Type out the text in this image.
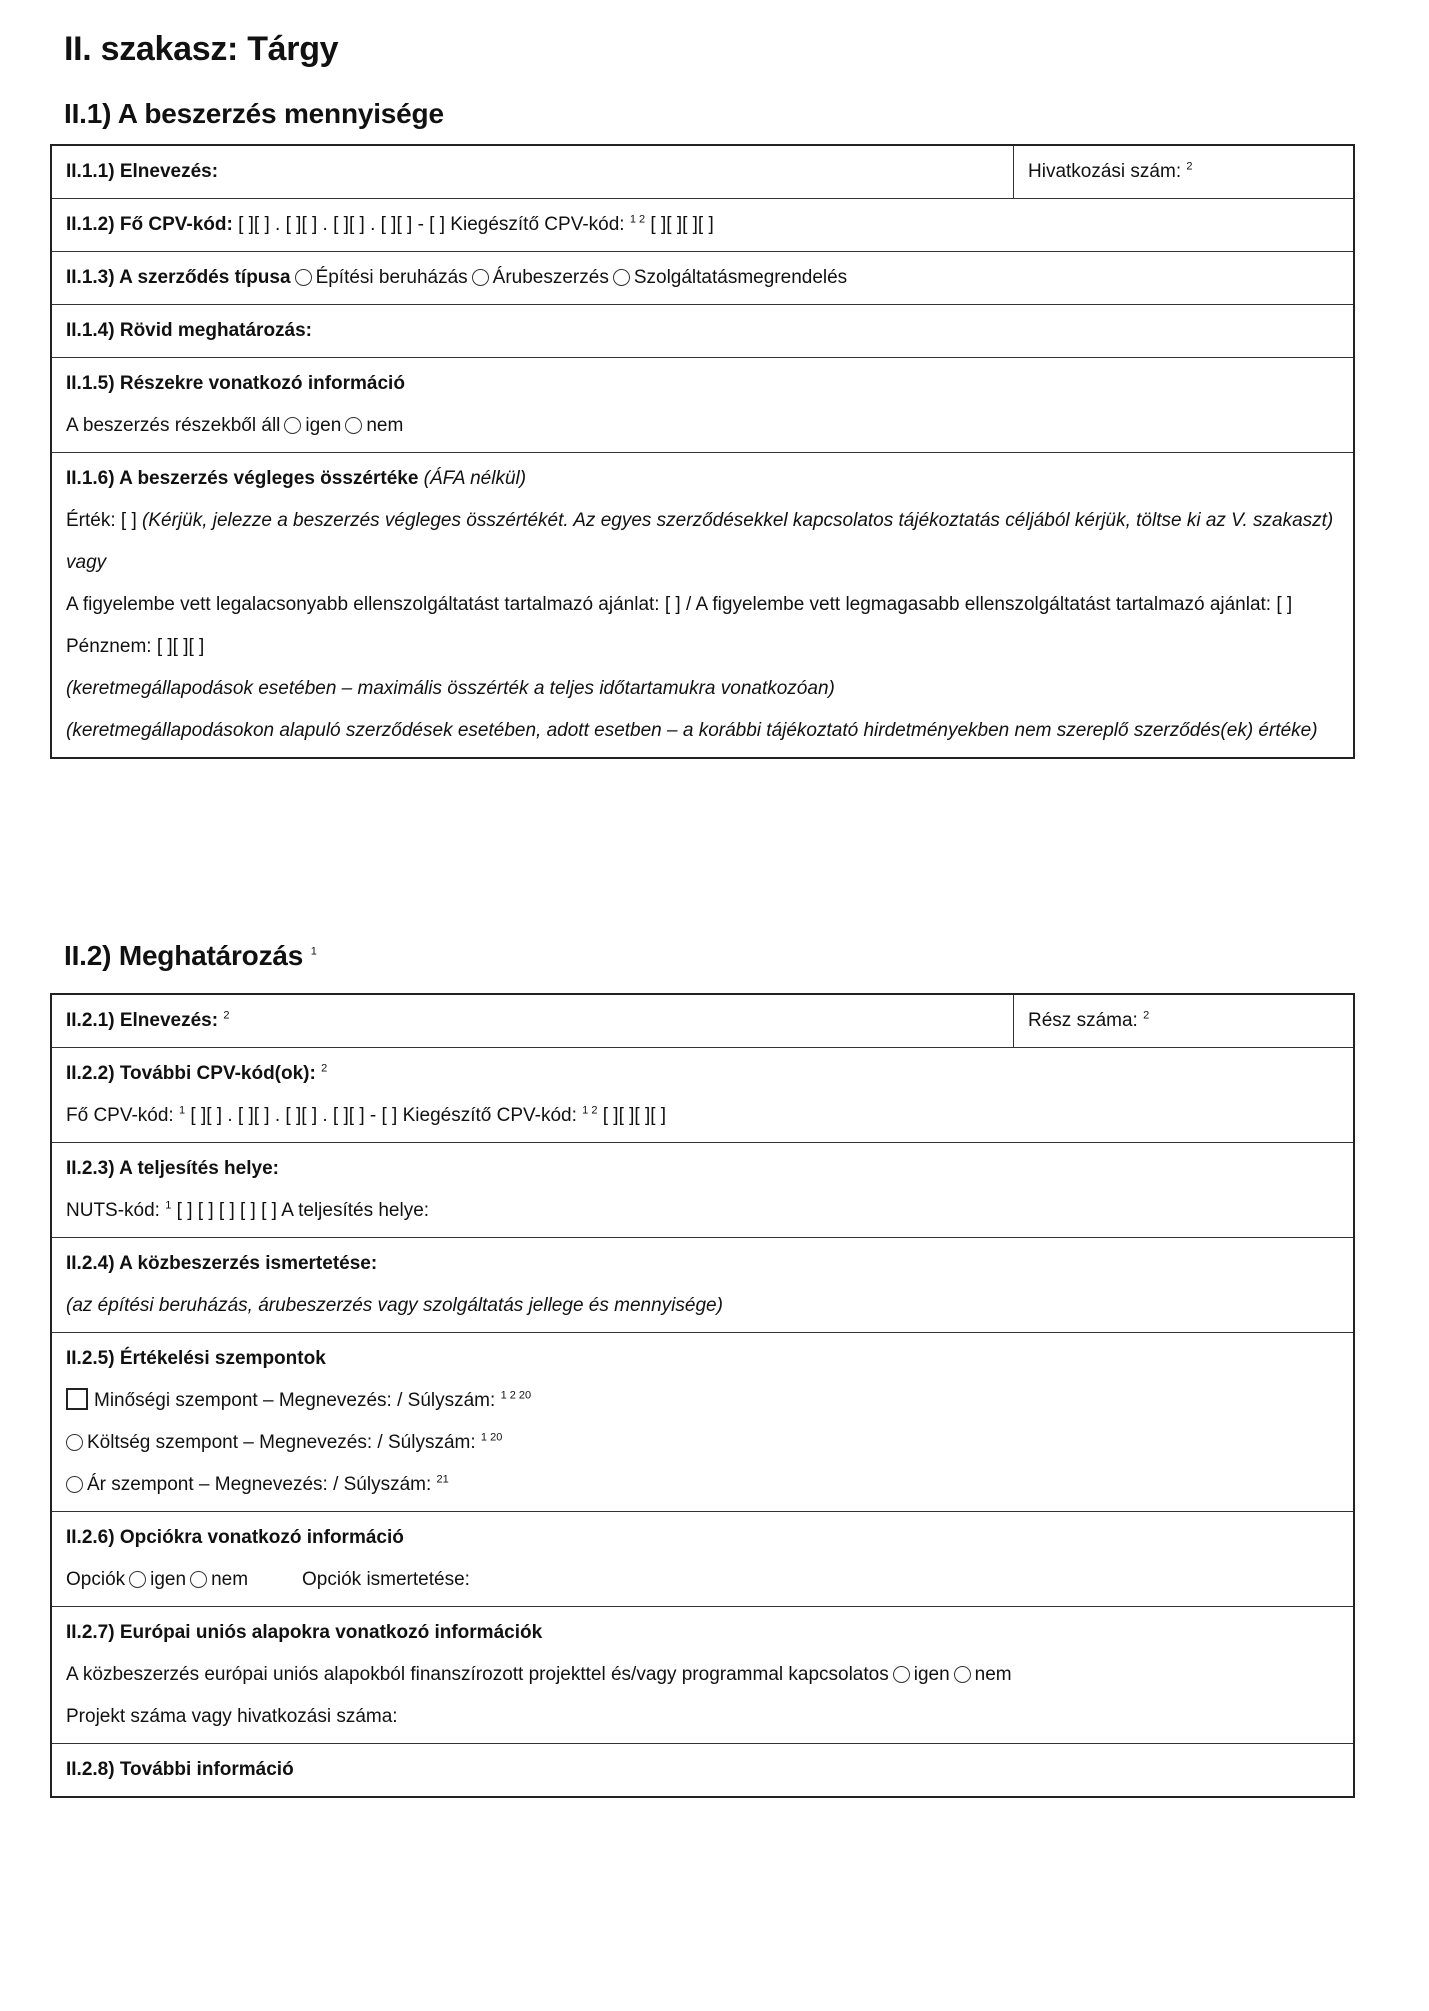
II. szakasz: Tárgy
II.1) A beszerzés mennyisége
II.1.1) Elnevezés:	Hivatkozási szám: $^2$
II.1.2) Fő CPV-kód: [ ][ ] . [ ][ ] . [ ][ ] . [ ][ ] - [ ] Kiegészítő CPV-kód: $^{1 2}$ [ ][ ][ ][ ]
II.1.3) A szerződés típusa Építési beruházás Árubeszerzés Szolgáltatásmegrendelés
II.1.4) Rövid meghatározás:
II.1.5) Részekre vonatkozó információ
A beszerzés részekből áll igen nem
II.1.6) A beszerzés végleges összértéke (ÁFA nélkül)
Érték: [ ] (Kérjük, jelezze a beszerzés végleges összértékét. Az egyes szerződésekkel kapcsolatos tájékoztatás céljából kérjük, töltse ki az V. szakaszt)
vagy
A figyelembe vett legalacsonyabb ellenszolgáltatást tartalmazó ajánlat: [ ] / A figyelembe vett legmagasabb ellenszolgáltatást tartalmazó ajánlat: [ ]
Pénznem: [ ][ ][ ]
(keretmegállapodások esetében – maximális összérték a teljes időtartamukra vonatkozóan)
(keretmegállapodásokon alapuló szerződések esetében, adott esetben – a korábbi tájékoztató hirdetményekben nem szereplő szerződés(ek) értéke)
II.2) Meghatározás $^1$
II.2.1) Elnevezés: $^2$	Rész száma: $^2$
II.2.2) További CPV-kód(ok): $^2$
Fő CPV-kód: $^1$ [ ][ ] . [ ][ ] . [ ][ ] . [ ][ ] - [ ] Kiegészítő CPV-kód: $^{1 2}$ [ ][ ][ ][ ]
II.2.3) A teljesítés helye:
NUTS-kód: $^1$ [ ] [ ] [ ] [ ] [ ] A teljesítés helye:
II.2.4) A közbeszerzés ismertetése:
(az építési beruházás, árubeszerzés vagy szolgáltatás jellege és mennyisége)
II.2.5) Értékelési szempontok
Minőségi szempont – Megnevezés: / Súlyszám: $^{1 2 20}$
Költség szempont – Megnevezés: / Súlyszám: $^{1 20}$
Ár szempont – Megnevezés: / Súlyszám: $^{21}$
II.2.6) Opciókra vonatkozó információ
Opciók igen nem	Opciók ismertetése:
II.2.7) Európai uniós alapokra vonatkozó információk
A közbeszerzés európai uniós alapokból finanszírozott projekttel és/vagy programmal kapcsolatos igen nem
Projekt száma vagy hivatkozási száma:
II.2.8) További információ
